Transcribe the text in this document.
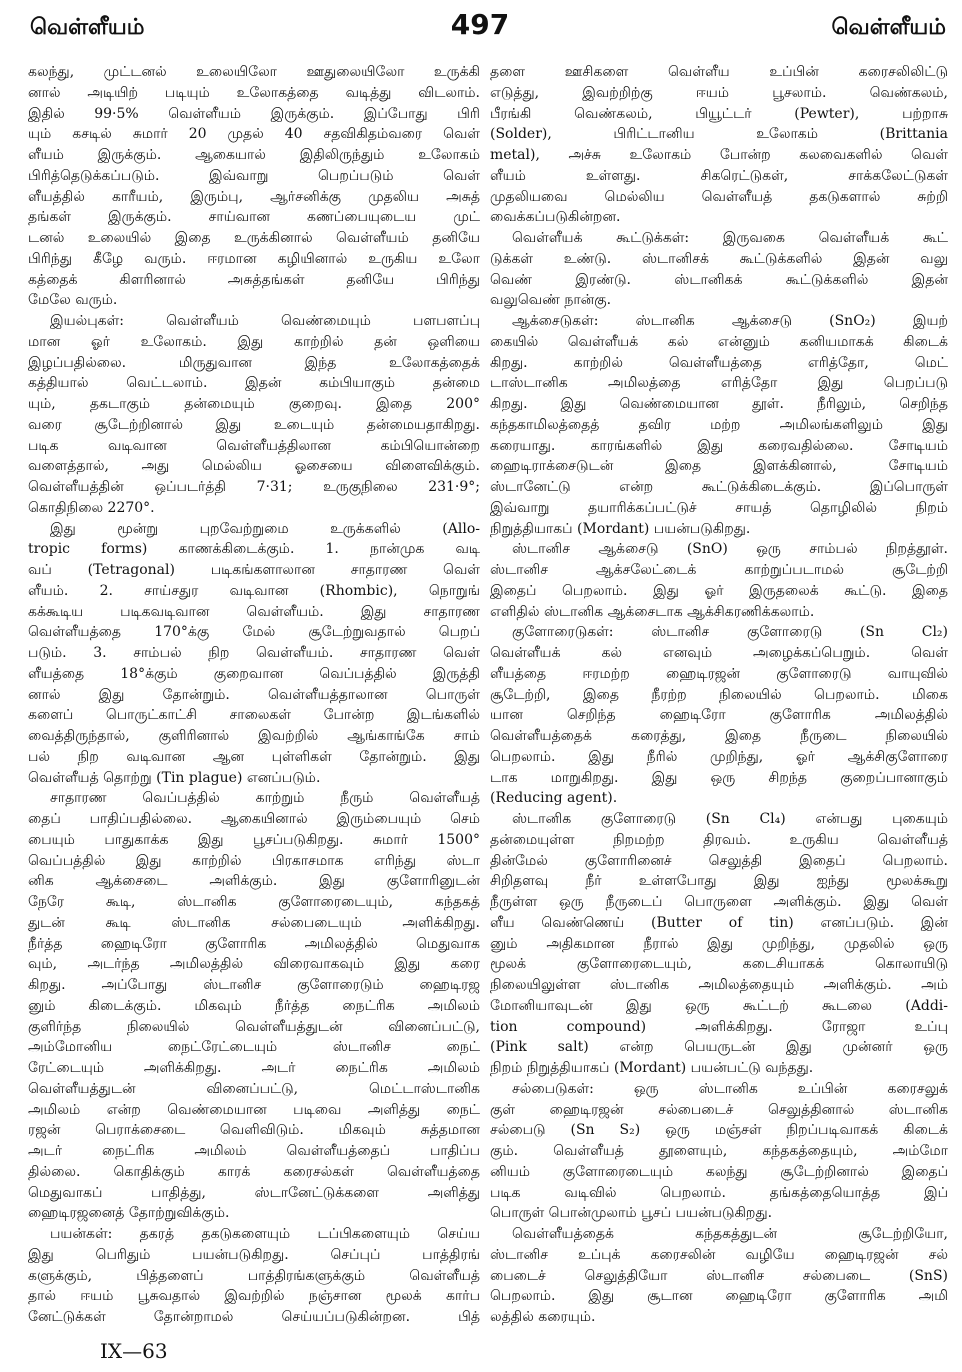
வெள்ளீயம்	497	வெள்ளீயம்
கலந்து, முட்டனல் உலையிலோ ஊதுலையிலோ உருக்கி
னால் அடியிற் படியும் உலோகத்தை வடித்து விடலாம்.
இதில் 99·5% வெள்ளீயம் இருக்கும். இப்போது பிரி
யும் கசடில் சுமார் 20 முதல் 40 சதவிகிதம்வரை வெள்
ளீயம் இருக்கும். ஆகையால் இதிலிருந்தும் உலோகம்
பிரித்தெடுக்கப்படும். இவ்வாறு பெறப்படும் வெள்
ளீயத்தில் காரீயம், இரும்பு, ஆர்சனிக்கு முதலிய அசுத்
தங்கள் இருக்கும். சாய்வான கணப்பையுடைய முட்
டனல் உலையில் இதை உருக்கினால் வெள்ளீயம் தனியே
பிரிந்து கீழே வரும். ஈரமான கழியினால் உருகிய உலோ
கத்தைக் கிளரினால் அசுத்தங்கள் தனியே பிரிந்து
மேலே வரும்.
இயல்புகள்: வெள்ளீயம் வெண்மையும் பளபளப்பு
மான ஓர் உலோகம். இது காற்றில் தன் ஒளியை
இழப்பதில்லை. மிருதுவான இந்த உலோகத்தைக்
கத்தியால் வெட்டலாம். இதன் கம்பியாகும் தன்மை
யும், தகடாகும் தன்மையும் குறைவு. இதை 200°
வரை சூடேற்றினால் இது உடையும் தன்மையதாகிறது.
படிக வடிவான வெள்ளீயத்திலான கம்பியொன்றை
வளைத்தால், அது மெல்லிய ஓசையை விளைவிக்கும்.
வெள்ளீயத்தின் ஒப்படர்த்தி 7·31; உருகுநிலை 231·9°;
கொதிநிலை 2270°.
இது மூன்று புறவேற்றுமை உருக்களில் (Allo-
tropic forms) காணக்கிடைக்கும். 1. நான்முக வடி
வப் (Tetragonal) படிகங்களாலான சாதாரண வெள்
ளீயம். 2. சாய்சதுர வடிவான (Rhombic), நொறுங்
கக்கூடிய படிகவடிவான வெள்ளீயம். இது சாதாரண
வெள்ளீயத்தை 170°க்கு மேல் சூடேற்றுவதால் பெறப்
படும். 3. சாம்பல் நிற வெள்ளீயம். சாதாரண வெள்
ளீயத்தை 18°க்கும் குறைவான வெப்பத்தில் இருத்தி
னால் இது தோன்றும். வெள்ளீயத்தாலான பொருள்
களைப் பொருட்காட்சி சாலைகள் போன்ற இடங்களில்
வைத்திருந்தால், குளிரினால் இவற்றில் ஆங்காங்கே சாம்
பல் நிற வடிவான ஆன புள்ளிகள் தோன்றும். இது
வெள்ளீயத் தொற்று (Tin plague) எனப்படும்.
சாதாரண வெப்பத்தில் காற்றும் நீரும் வெள்ளீயத்
தைப் பாதிப்பதில்லை. ஆகையினால் இரும்பையும் செம்
பையும் பாதுகாக்க இது பூசப்படுகிறது. சுமார் 1500°
வெப்பத்தில் இது காற்றில் பிரகாசமாக எரிந்து ஸ்டா
னிக ஆக்சைடை அளிக்கும். இது குளோரினுடன்
நேரே கூடி, ஸ்டானிக குளோரைடையும், கந்தகத்
துடன் கூடி ஸ்டானிக சல்பைடையும் அளிக்கிறது.
நீர்த்த ஹைடிரோ குளோரிக அமிலத்தில் மெதுவாக
வும், அடர்ந்த அமிலத்தில் விரைவாகவும் இது கரை
கிறது. அப்போது ஸ்டானிச குளோரைடும் ஹைடிரஜ
னும் கிடைக்கும். மிகவும் நீர்த்த நைட்ரிக அமிலம்
குளிர்ந்த நிலையில் வெள்ளீயத்துடன் வினைப்பட்டு,
அம்மோனிய நைட்ரேட்டையும் ஸ்டானிச நைட்
ரேட்டையும் அளிக்கிறது. அடர் நைட்ரிக அமிலம்
வெள்ளீயத்துடன் வினைப்பட்டு, மெட்டாஸ்டானிக
அமிலம் என்ற வெண்மையான படிவை அளித்து நைட்
ரஜன் பெராக்சைடை வெளிவிடும். மிகவும் சுத்தமான
அடர் நைட்ரிக அமிலம் வெள்ளீயத்தைப் பாதிப்ப
தில்லை. கொதிக்கும் காரக் கரைசல்கள் வெள்ளீயத்தை
மெதுவாகப் பாதித்து, ஸ்டானேட்டுக்களை அளித்து
ஹைடிரஜனைத் தோற்றுவிக்கும்.
பயன்கள்: தகரத் தகடுகளையும் டப்பிகளையும் செய்ய
இது பெரிதும் பயன்படுகிறது. செப்புப் பாத்திரங்
களுக்கும், பித்தளைப் பாத்திரங்களுக்கும் வெள்ளீயத்
தால் ஈயம் பூசுவதால் இவற்றில் நஞ்சான மூலக் கார்ப
னேட்டுக்கள் தோன்றாமல் செய்யப்படுகின்றன. பித்
தளை ஊசிகளை வெள்ளீய உப்பின் கரைசலிலிட்டு
எடுத்து, இவற்றிற்கு ஈயம் பூசலாம். வெண்கலம்,
பீரங்கி வெண்கலம், பியூட்டர் (Pewter), பற்றாசு
(Solder), பிரிட்டானிய உலோகம் (Brittania
metal), அச்சு உலோகம் போன்ற கலவைகளில் வெள்
ளீயம் உள்ளது. சிகரெட்டுகள், சாக்கலேட்டுகள்
முதலியவை மெல்லிய வெள்ளீயத் தகடுகளால் சுற்றி
வைக்கப்படுகின்றன.
வெள்ளீயக் கூட்டுக்கள்: இருவகை வெள்ளீயக் கூட்
டுக்கள் உண்டு. ஸ்டானிசக் கூட்டுக்களில் இதன் வலு
வெண் இரண்டு. ஸ்டானிகக் கூட்டுக்களில் இதன்
வலுவெண் நான்கு.
ஆக்சைடுகள்: ஸ்டானிக ஆக்சைடு (SnO₂) இயற்
கையில் வெள்ளீயக் கல் என்னும் கனியமாகக் கிடைக்
கிறது. காற்றில் வெள்ளீயத்தை எரித்தோ, மெட்
டாஸ்டானிக அமிலத்தை எரித்தோ இது பெறப்படு
கிறது. இது வெண்மையான தூள். நீரிலும், செறிந்த
கந்தகாமிலத்தைத் தவிர மற்ற அமிலங்களிலும் இது
கரையாது. காரங்களில் இது கரைவதில்லை. சோடியம்
ஹைடிராக்சைடுடன் இதை இளக்கினால், சோடியம்
ஸ்டானேட்டு என்ற கூட்டுக்கிடைக்கும். இப்பொருள்
இவ்வாறு தயாரிக்கப்பட்டுச் சாயத் தொழிலில் நிறம்
நிறுத்தியாகப் (Mordant) பயன்படுகிறது.
ஸ்டானிச ஆக்சைடு (SnO) ஒரு சாம்பல் நிறத்தூள்.
ஸ்டானிச ஆக்சலேட்டைக் காற்றுப்படாமல் சூடேற்றி
இதைப் பெறலாம். இது ஓர் இருதலைக் கூட்டு. இதை
எளிதில் ஸ்டானிக ஆக்சைடாக ஆக்சிகரணிக்கலாம்.
குளோரைடுகள்: ஸ்டானிச குளோரைடு (Sn Cl₂)
வெள்ளீயக் கல் எனவும் அழைக்கப்பெறும். வெள்
ளீயத்தை ஈரமற்ற ஹைடிரஜன் குளோரைடு வாயுவில்
சூடேற்றி, இதை நீரற்ற நிலையில் பெறலாம். மிகை
யான செறிந்த ஹைடிரோ குளோரிக அமிலத்தில்
வெள்ளீயத்தைக் கரைத்து, இதை நீருடை நிலையில்
பெறலாம். இது நீரில் முறிந்து, ஓர் ஆக்சிகுளோரை
டாக மாறுகிறது. இது ஒரு சிறந்த குறைப்பானாகும்
(Reducing agent).
ஸ்டானிக குளோரைடு (Sn Cl₄) என்பது புகையும்
தன்மையுள்ள நிறமற்ற திரவம். உருகிய வெள்ளீயத்
தின்மேல் குளோரினைச் செலுத்தி இதைப் பெறலாம்.
சிறிதளவு நீர் உள்ளபோது இது ஐந்து மூலக்கூறு
நீருள்ள ஒரு நீருடைப் பொருளை அளிக்கும். இது வெள்
ளீய வெண்ணெய் (Butter of tin) எனப்படும். இன்
னும் அதிகமான நீரால் இது முறிந்து, முதலில் ஒரு
மூலக் குளோரைடையும், கடைசியாகக் கொலாயிடு
நிலையிலுள்ள ஸ்டானிக அமிலத்தையும் அளிக்கும். அம்
மோனியாவுடன் இது ஒரு கூட்டற் கூடலை (Addi-
tion compound) அளிக்கிறது. ரோஜா உப்பு
(Pink salt) என்ற பெயருடன் இது முன்னர் ஒரு
நிறம் நிறுத்தியாகப் (Mordant) பயன்பட்டு வந்தது.
சல்பைடுகள்: ஒரு ஸ்டானிக உப்பின் கரைசலுக்
குள் ஹைடிரஜன் சல்பைடைச் செலுத்தினால் ஸ்டானிக
சல்பைடு (Sn S₂) ஒரு மஞ்சள் நிறப்படிவாகக் கிடைக்
கும். வெள்ளீயத் தூளையும், கந்தகத்தையும், அம்மோ
னியம் குளோரைடையும் கலந்து சூடேற்றினால் இதைப்
படிக வடிவில் பெறலாம். தங்கத்தையொத்த இப்
பொருள் பொன்முலாம் பூசப் பயன்படுகிறது.
வெள்ளீயத்தைக் கந்தகத்துடன் சூடேற்றியோ,
ஸ்டானிச உப்புக் கரைசலின் வழியே ஹைடிரஜன் சல்
பைடைச் செலுத்தியோ ஸ்டானிச சல்பைடை (SnS)
பெறலாம். இது சூடான ஹைடிரோ குளோரிக அமி
லத்தில் கரையும்.
IX—63
